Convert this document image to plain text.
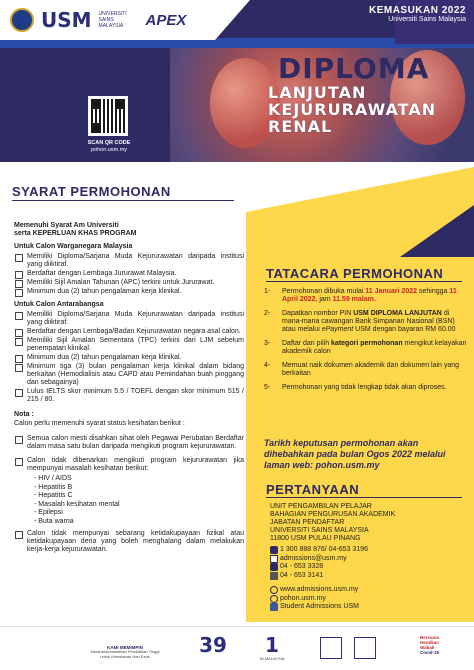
USM UNIVERSITI SAINS MALAYSIA	APEX
KEMASUKAN 2022
Universiti Sains Malaysia
SCAN QR CODE
pohon.usm.my
DIPLOMA
LANJUTAN
KEJURURAWATAN
RENAL
SYARAT PERMOHONAN
Memenuhi Syarat Am Universiti
serta KEPERLUAN KHAS PROGRAM
Untuk Calon Warganegara Malaysia
Memiliki Diploma/Sarjana Muda Kejururawatan daripada institusi yang diiktiraf.
Berdaftar dengan Lembaga Jururawat Malaysia.
Memiliki Sijil Amalan Tahunan (APC) terkini untuk Jururawat.
Minimum dua (2) tahun pengalaman kerja klinikal.
Untuk Calon Antarabangsa
Memiliki Diploma/Sarjana Muda Kejururawatan daripada institusi yang diiktiraf.
Berdaftar dengan Lembaga/Badan Kejururawatan negara asal calon.
Memiliki Sijil Amalan Sementara (TPC) terkini dari LJM sebelum penempatan klinikal.
Minimum dua (2) tahun pengalaman kerja klinikal.
Minimum tiga (3) bulan pengalaman kerja klinikal dalam bidang berkaitan (Hemodialisis atau CAPD atau Pemindahan buah pinggang dan sebagainya)
Lulus IELTS skor minimum 5.5 / TOEFL dengan skor minimum 515 / 215 / 80.
Nota :
Calon perlu memenuhi syarat status kesihatan berikut :
Semua calon mesti disahkan sihat oleh Pegawai Perubatan Berdaftar dalam masa satu bulan daripada mengikuti program kejururawatan.
Calon tidak dibenarkan mengikuti program kejururawatan jika mempunyai masalah kesihatan berikut:
- HIV / AIDS
- Hepatitis B
- Hepatitis C
- Masalah kesihatan mental
- Epilepsi
- Buta warna
Calon tidak mempunyai sebarang ketidakupayaan fizikal atau ketidakupayaan deria yang boleh menghalang dalam melakukan kerja-kerja kejururawatan.
TATACARA PERMOHONAN
1-	Permohonan dibuka mulai 11 Januari 2022 sehingga 11 April 2022, jam 11.59 malam.
2-	Dapatkan nombor PIN USM DIPLOMA LANJUTAN di mana-mana cawangan Bank Simpanan Nasional (BSN) atau melalui ePayment USM dengan bayaran RM 60.00
3-	Daftar dan pilih kategori permohonan mengikut kelayakan akademik calon
4-	Memuat naik dokumen akademik dan dokumen lain yang berkaitan
5-	Permohonan yang tidak lengkap tidak akan diproses.
Tarikh keputusan permohonan akan dihebahkan pada bulan Ogos 2022 melalui laman web: pohon.usm.my
PERTANYAAN
UNIT PENGAMBILAN PELAJAR
BAHAGIAN PENGURUSAN AKADEMIK
JABATAN PENDAFTAR
UNIVERSITI SAINS MALAYSIA
11800 USM PULAU PINANG
1 300 888 876/ 04-653 3196
admissions@usm.my
04 - 653 3328
04 - 653 3141
www.admissions.usm.my
pohon.usm.my
Student Admissions USM
KAMI MEMIMPIN
Mentransformasikan Pendidikan Tinggi
untuk Kelestarian Hari Esok	39	1
IN MALAYSIA
Bersama
Hentikan
Wabak
Covid-19
